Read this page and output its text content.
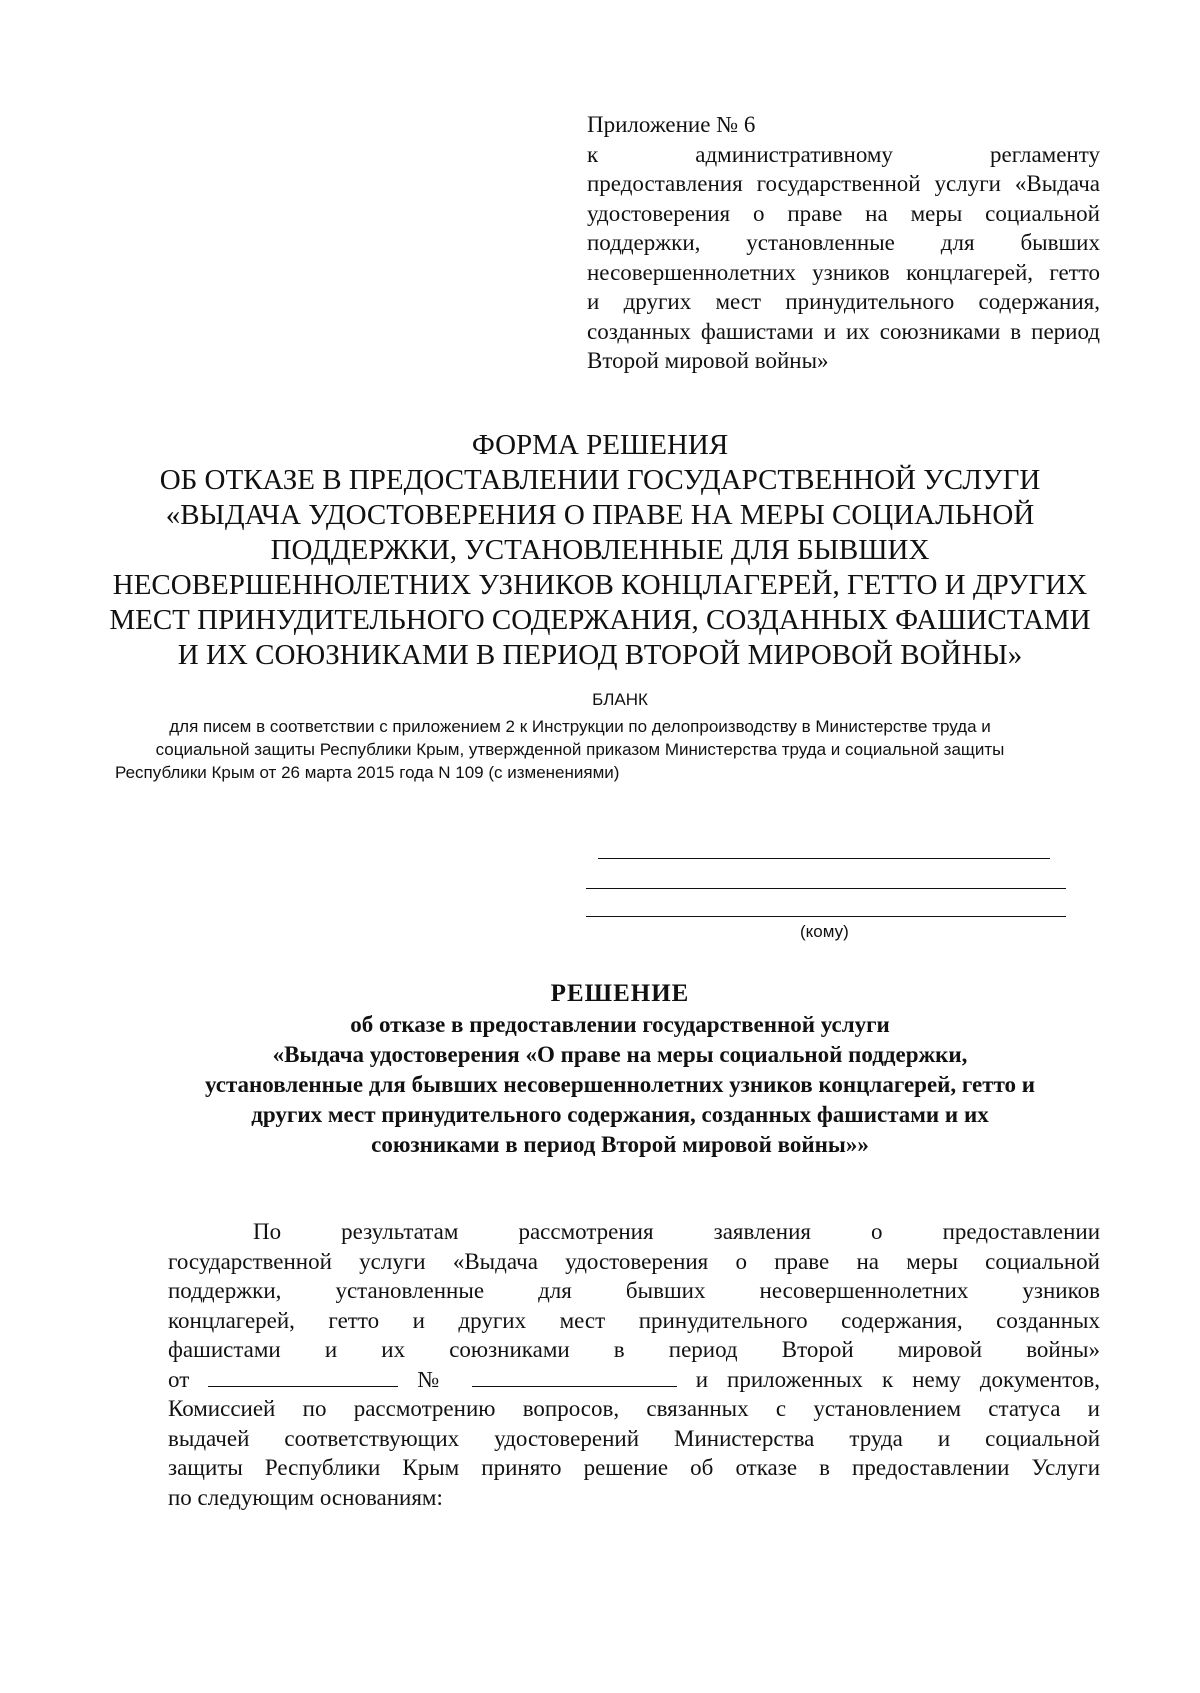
Приложение № 6
к административному регламенту
предоставления государственной услуги «Выдача
удостоверения о праве на меры социальной
поддержки, установленные для бывших
несовершеннолетних узников концлагерей, гетто
и других мест принудительного содержания,
созданных фашистами и их союзниками в период
Второй мировой войны»
ФОРМА РЕШЕНИЯ
ОБ ОТКАЗЕ В ПРЕДОСТАВЛЕНИИ ГОСУДАРСТВЕННОЙ УСЛУГИ
«ВЫДАЧА УДОСТОВЕРЕНИЯ О ПРАВЕ НА МЕРЫ СОЦИАЛЬНОЙ
ПОДДЕРЖКИ, УСТАНОВЛЕННЫЕ ДЛЯ БЫВШИХ
НЕСОВЕРШЕННОЛЕТНИХ УЗНИКОВ КОНЦЛАГЕРЕЙ, ГЕТТО И ДРУГИХ
МЕСТ ПРИНУДИТЕЛЬНОГО СОДЕРЖАНИЯ, СОЗДАННЫХ ФАШИСТАМИ
И ИХ СОЮЗНИКАМИ В ПЕРИОД ВТОРОЙ МИРОВОЙ ВОЙНЫ»
БЛАНК
для писем в соответствии с приложением 2 к Инструкции по делопроизводству в Министерстве труда и
социальной защиты Республики Крым, утвержденной приказом Министерства труда и социальной защиты
Республики Крым от 26 марта 2015 года N 109 (с изменениями)
(кому)
РЕШЕНИЕ
об отказе в предоставлении государственной услуги
«Выдача удостоверения «О праве на меры социальной поддержки,
установленные для бывших несовершеннолетних узников концлагерей, гетто и
других мест принудительного содержания, созданных фашистами и их
союзниками в период Второй мировой войны»»
По результатам рассмотрения заявления о предоставлении
государственной услуги «Выдача удостоверения о праве на меры социальной
поддержки, установленные для бывших несовершеннолетних узников
концлагерей, гетто и других мест принудительного содержания, созданных
фашистами и их союзниками в период Второй мировой войны»
от	№	и приложенных к нему документов,
Комиссией по рассмотрению вопросов, связанных с установлением статуса и
выдачей соответствующих удостоверений Министерства труда и социальной
защиты Республики Крым принято решение об отказе в предоставлении Услуги
по следующим основаниям:
